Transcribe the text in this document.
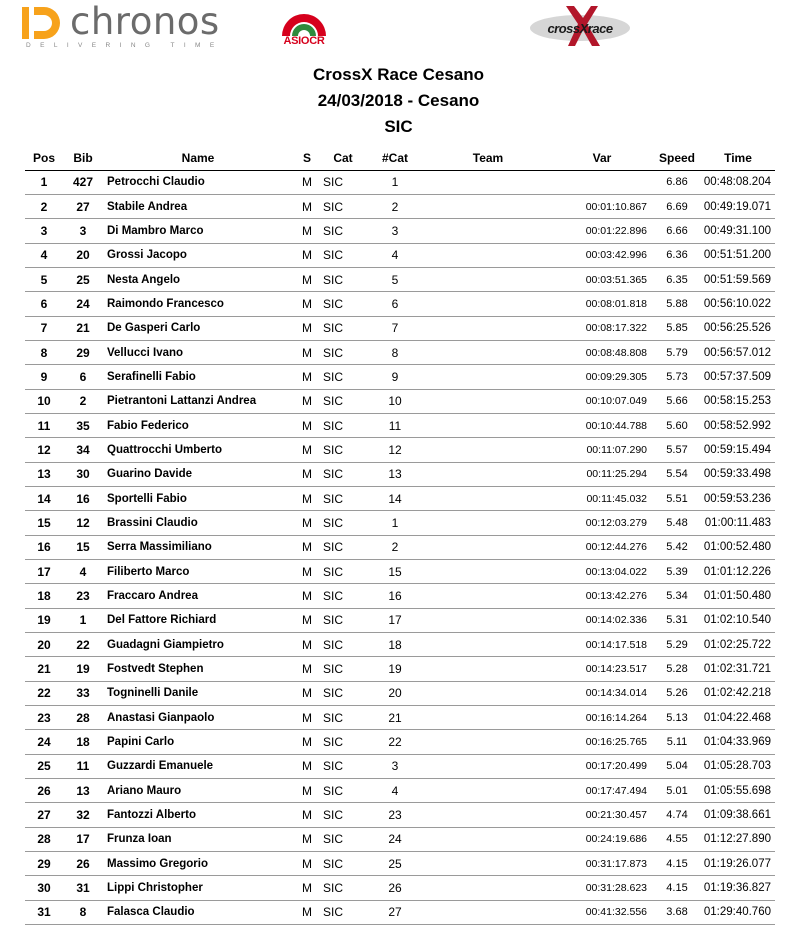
chronos
DELIVERING TIME	ASIOCR
crossXrace
CrossX Race Cesano
24/03/2018 - Cesano
SIC
Pos	Bib	Name	S	Cat	#Cat	Team	Var	Speed	Time
1	427	Petrocchi Claudio	M	SIC	1			6.86	00:48:08.204
2	27	Stabile Andrea	M	SIC	2		00:01:10.867	6.69	00:49:19.071
3	3	Di Mambro Marco	M	SIC	3		00:01:22.896	6.66	00:49:31.100
4	20	Grossi Jacopo	M	SIC	4		00:03:42.996	6.36	00:51:51.200
5	25	Nesta Angelo	M	SIC	5		00:03:51.365	6.35	00:51:59.569
6	24	Raimondo Francesco	M	SIC	6		00:08:01.818	5.88	00:56:10.022
7	21	De Gasperi Carlo	M	SIC	7		00:08:17.322	5.85	00:56:25.526
8	29	Vellucci Ivano	M	SIC	8		00:08:48.808	5.79	00:56:57.012
9	6	Serafinelli Fabio	M	SIC	9		00:09:29.305	5.73	00:57:37.509
10	2	Pietrantoni Lattanzi Andrea	M	SIC	10		00:10:07.049	5.66	00:58:15.253
11	35	Fabio Federico	M	SIC	11		00:10:44.788	5.60	00:58:52.992
12	34	Quattrocchi Umberto	M	SIC	12		00:11:07.290	5.57	00:59:15.494
13	30	Guarino Davide	M	SIC	13		00:11:25.294	5.54	00:59:33.498
14	16	Sportelli Fabio	M	SIC	14		00:11:45.032	5.51	00:59:53.236
15	12	Brassini Claudio	M	SIC	1		00:12:03.279	5.48	01:00:11.483
16	15	Serra Massimiliano	M	SIC	2		00:12:44.276	5.42	01:00:52.480
17	4	Filiberto Marco	M	SIC	15		00:13:04.022	5.39	01:01:12.226
18	23	Fraccaro Andrea	M	SIC	16		00:13:42.276	5.34	01:01:50.480
19	1	Del Fattore Richiard	M	SIC	17		00:14:02.336	5.31	01:02:10.540
20	22	Guadagni Giampietro	M	SIC	18		00:14:17.518	5.29	01:02:25.722
21	19	Fostvedt Stephen	M	SIC	19		00:14:23.517	5.28	01:02:31.721
22	33	Togninelli Danile	M	SIC	20		00:14:34.014	5.26	01:02:42.218
23	28	Anastasi Gianpaolo	M	SIC	21		00:16:14.264	5.13	01:04:22.468
24	18	Papini Carlo	M	SIC	22		00:16:25.765	5.11	01:04:33.969
25	11	Guzzardi Emanuele	M	SIC	3		00:17:20.499	5.04	01:05:28.703
26	13	Ariano Mauro	M	SIC	4		00:17:47.494	5.01	01:05:55.698
27	32	Fantozzi Alberto	M	SIC	23		00:21:30.457	4.74	01:09:38.661
28	17	Frunza Ioan	M	SIC	24		00:24:19.686	4.55	01:12:27.890
29	26	Massimo Gregorio	M	SIC	25		00:31:17.873	4.15	01:19:26.077
30	31	Lippi Christopher	M	SIC	26		00:31:28.623	4.15	01:19:36.827
31	8	Falasca Claudio	M	SIC	27		00:41:32.556	3.68	01:29:40.760
